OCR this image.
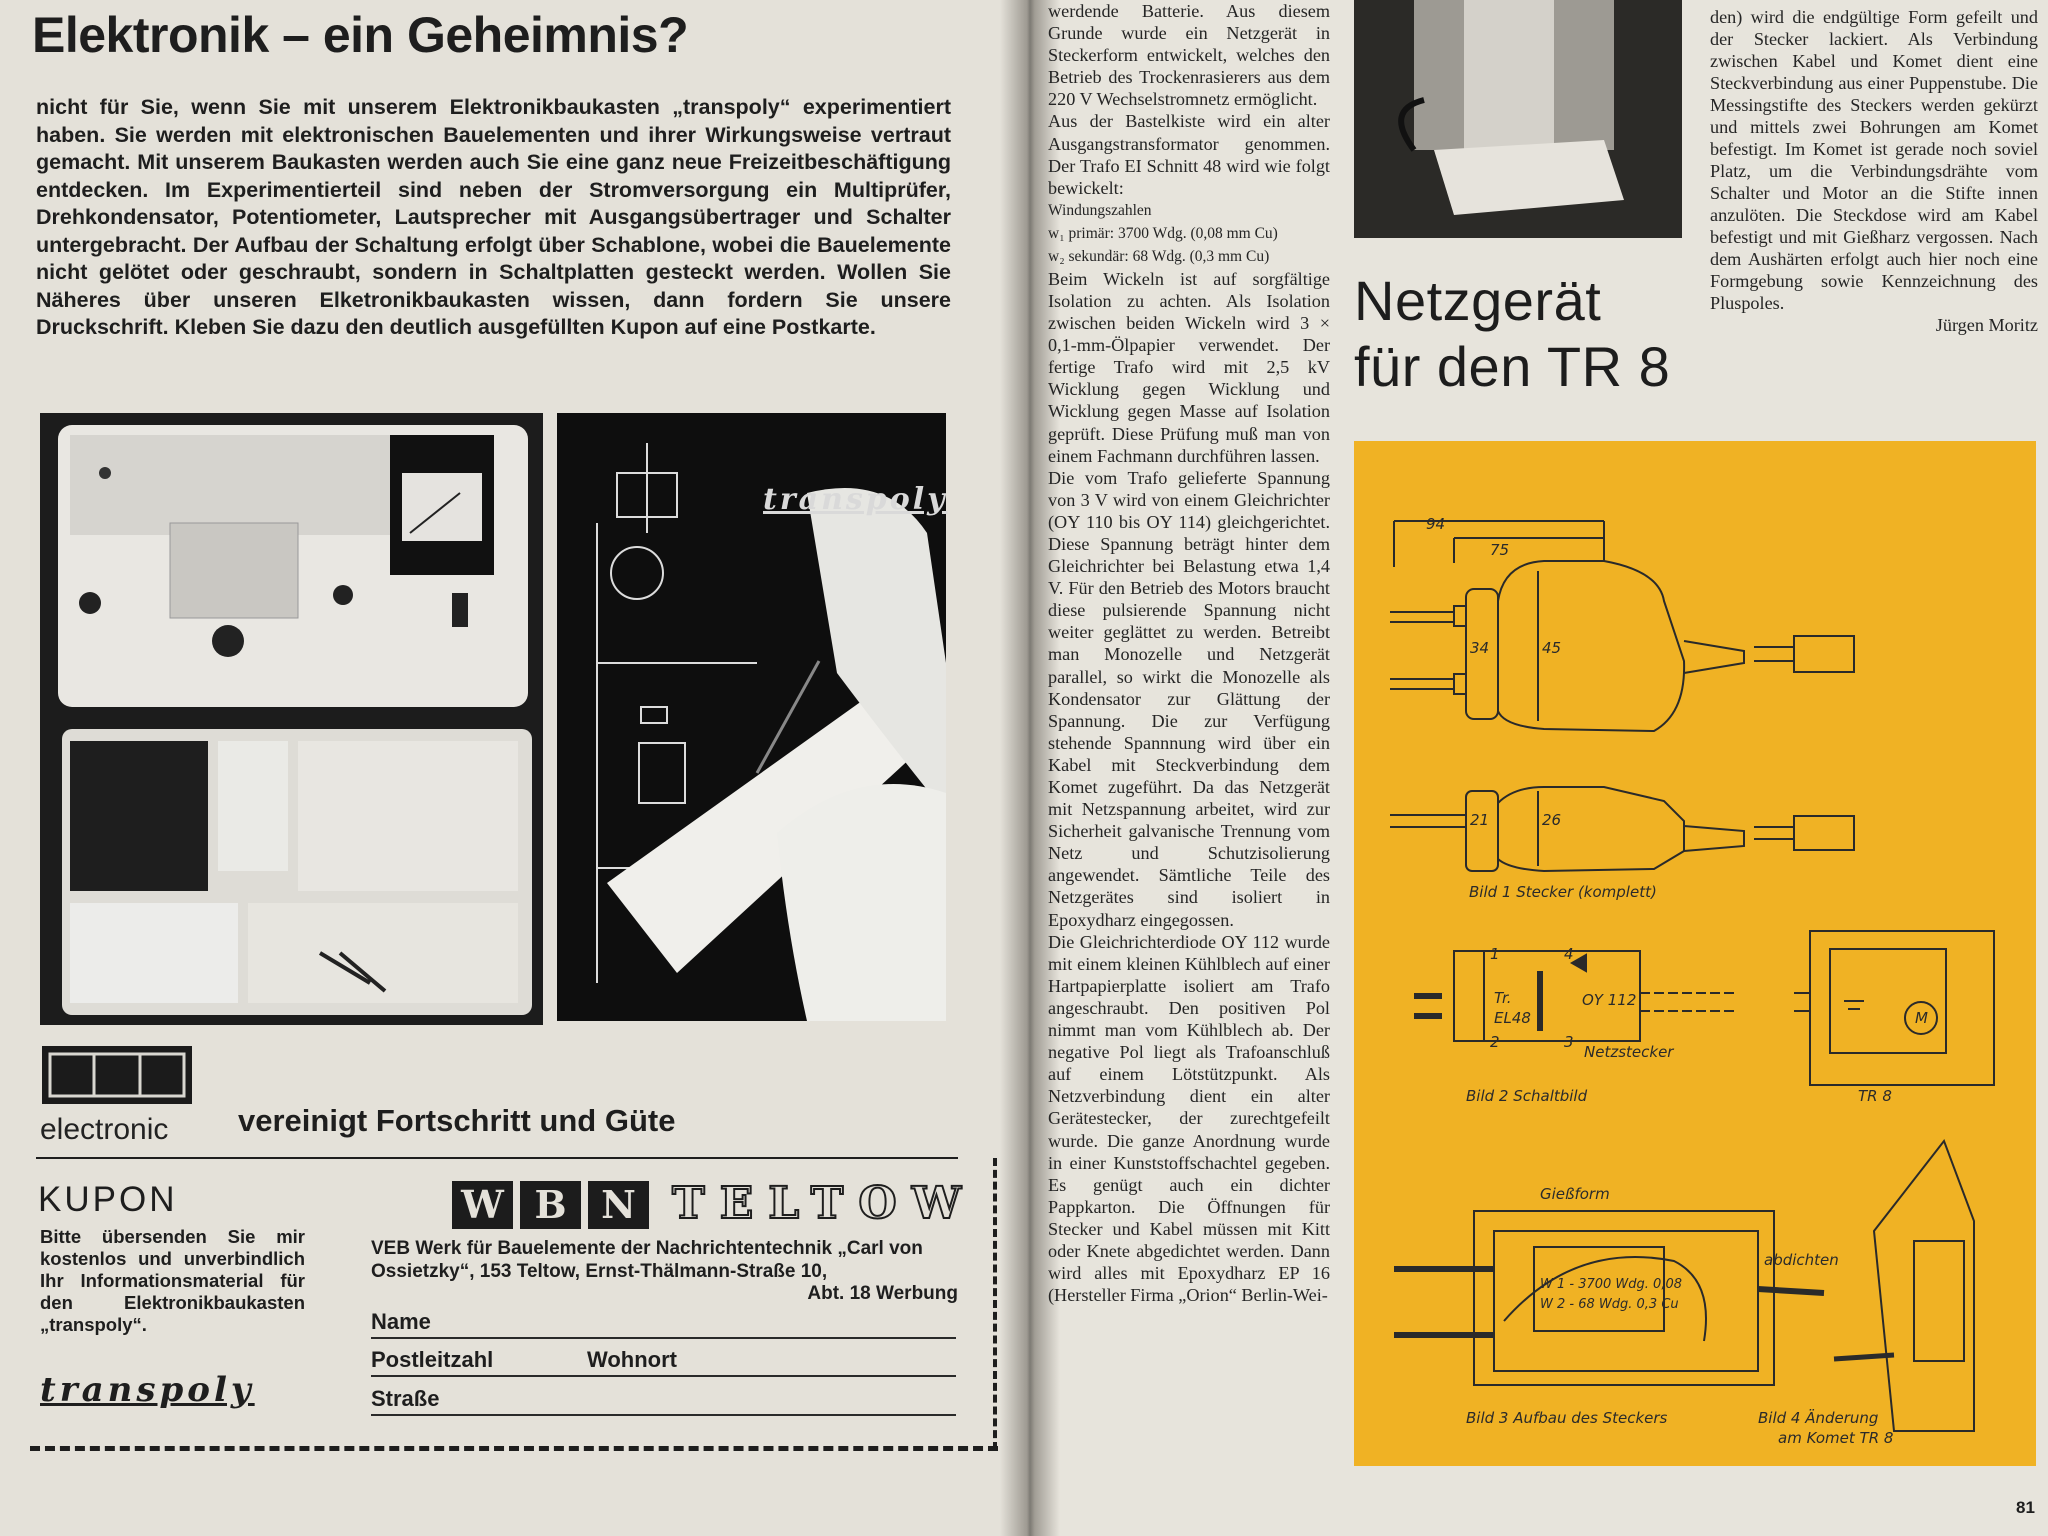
Elektronik – ein Geheimnis?
nicht für Sie, wenn Sie mit unserem Elektronikbaukasten „transpoly“ experimentiert haben. Sie werden mit elektronischen Bauelementen und ihrer Wirkungsweise vertraut gemacht. Mit unserem Baukasten werden auch Sie eine ganz neue Freizeitbeschäftigung entdecken. Im Experimentierteil sind neben der Stromversorgung ein Multiprüfer, Drehkondensator, Potentiometer, Lautsprecher mit Ausgangsübertrager und Schalter untergebracht. Der Aufbau der Schaltung erfolgt über Schablone, wobei die Bauelemente nicht gelötet oder geschraubt, sondern in Schaltplatten gesteckt werden. Wollen Sie Näheres über unseren Elketronikbaukasten wissen, dann fordern Sie unsere Druckschrift. Kleben Sie dazu den deutlich ausgefüllten Kupon auf eine Postkarte.
transpoly
electronic vereinigt Fortschritt und Güte
KUPON
Bitte übersenden Sie mir kostenlos und unverbindlich Ihr Informationsmaterial für den Elektronikbaukasten „transpoly“.
transpoly
W B N TELTOW
VEB Werk für Bauelemente der Nachrichtentechnik „Carl von Ossietzky“, 153 Teltow, Ernst-Thälmann-Straße 10,
Abt. 18 Werbung
Name
Postleitzahl	Wohnort
Straße

werdende Batterie. Aus diesem Grunde wurde ein Netzgerät in Steckerform entwickelt, welches den Betrieb des Trockenrasierers aus dem 220 V Wechselstromnetz ermöglicht.

Aus der Bastelkiste wird ein alter Ausgangstransformator genommen. Der Trafo EI Schnitt 48 wird wie folgt bewickelt:

Windungszahlen

w₁ primär: 3700 Wdg. (0,08 mm Cu)

w₂ sekundär: 68 Wdg. (0,3 mm Cu)

Beim Wickeln ist auf sorgfältige Isolation zu achten. Als Isolation zwischen beiden Wickeln wird 3 × 0,1-mm-Ölpapier verwendet. Der fertige Trafo wird mit 2,5 kV Wicklung gegen Wicklung und Wicklung gegen Masse auf Isolation geprüft. Diese Prüfung muß man von einem Fachmann durchführen lassen.

Die vom Trafo gelieferte Spannung von 3 V wird von einem Gleichrichter (OY 110 bis OY 114) gleichgerichtet. Diese Spannung beträgt hinter dem Gleichrichter bei Belastung etwa 1,4 V. Für den Betrieb des Motors braucht diese pulsierende Spannung nicht weiter geglättet zu werden. Betreibt man Monozelle und Netzgerät parallel, so wirkt die Monozelle als Kondensator zur Glättung der Spannung. Die zur Verfügung stehende Spannnung wird über ein Kabel mit Steckverbindung dem Komet zugeführt. Da das Netzgerät mit Netzspannung arbeitet, wird zur Sicherheit galvanische Trennung vom Netz und Schutzisolierung angewendet. Sämtliche Teile des Netzgerätes sind isoliert in Epoxydharz eingegossen.

Die Gleichrichterdiode OY 112 wurde mit einem kleinen Kühlblech auf einer Hartpapierplatte isoliert am Trafo angeschraubt. Den positiven Pol nimmt man vom Kühlblech ab. Der negative Pol liegt als Trafoanschluß auf einem Lötstützpunkt. Als Netzverbindung dient ein alter Gerätestecker, der zurechtgefeilt wurde. Die ganze Anordnung wurde in einer Kunststoffschachtel gegeben. Es genügt auch ein dichter Pappkarton. Die Öffnungen für Stecker und Kabel müssen mit Kitt oder Knete abgedichtet werden. Dann wird alles mit Epoxydharz EP 16 (Hersteller Firma „Orion“ Berlin-Wei-

Netzgerät
für den TR 8

den) wird die endgültige Form gefeilt und der Stecker lackiert. Als Verbindung zwischen Kabel und Komet dient eine Steckverbindung aus einer Puppenstube. Die Messingstifte des Steckers werden gekürzt und mittels zwei Bohrungen am Komet befestigt. Im Komet ist gerade noch soviel Platz, um die Verbindungsdrähte vom Schalter und Motor an die Stifte innen anzulöten. Die Steckdose wird am Kabel befestigt und mit Gießharz vergossen. Nach dem Aushärten erfolgt auch hier noch eine Formgebung sowie Kennzeichnung des Pluspoles.

Jürgen Moritz

94
75
34	45
21	26
Bild 1 Stecker (komplett)
Tr.
EL48
OY 112
Netzstecker
M
1
2	3
4
Bild 2 Schaltbild	TR 8
Gießform
W 1 - 3700 Wdg. 0,08
W 2 - 68 Wdg. 0,3 Cu
abdichten
Bild 3 Aufbau des Steckers	Bild 4 Änderung
am Komet TR 8
81
